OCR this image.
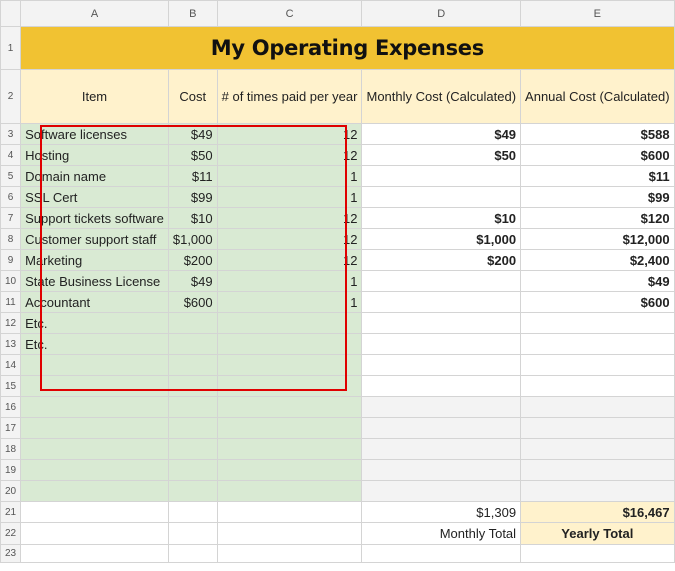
	A	B	C	D	E
1	My Operating Expenses				
2	Item	Cost	# of times paid per year	Monthly Cost (Calculated)	Annual Cost (Calculated)
3	Software licenses	$49	12	$49	$588
4	Hosting	$50	12	$50	$600
5	Domain name	$11	1		$11
6	SSL Cert	$99	1		$99
7	Support tickets software	$10	12	$10	$120
8	Customer support staff	$1,000	12	$1,000	$12,000
9	Marketing	$200	12	$200	$2,400
10	State Business License	$49	1		$49
11	Accountant	$600	1		$600
12	Etc.				
13	Etc.				
14					
15					
16					
17					
18					
19					
20					
21				$1,309	$16,467
22				Monthly Total	Yearly Total
23					
